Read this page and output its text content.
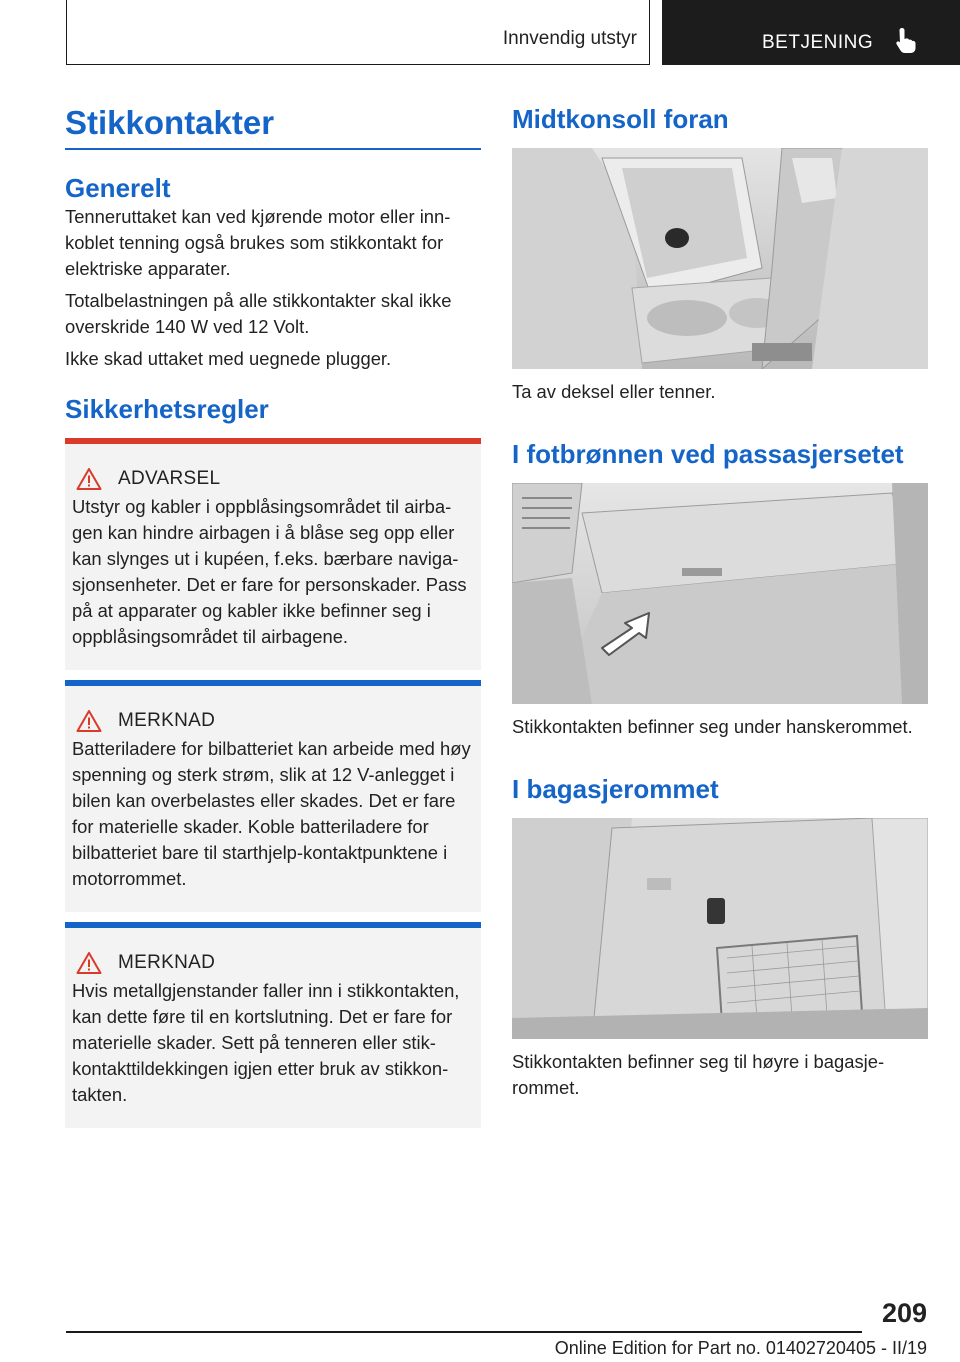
Innvendig utstyr	BETJENING
Stikkontakter
Generelt

Tenneruttaket kan ved kjørende motor eller innkoblet tenning også brukes som stikkontakt for elektriske apparater.

Totalbelastningen på alle stikkontakter skal ikke overskride 140 W ved 12 Volt.

Ikke skad uttaket med uegnede plugger.

Sikkerhetsregler
ADVARSEL

Utstyr og kabler i oppblåsingsområdet til airbagen kan hindre airbagen i å blåse seg opp eller kan slynges ut i kupéen, f.eks. bærbare navigasjonsenheter. Det er fare for personskader. Pass på at apparater og kabler ikke befinner seg i oppblåsingsområdet til airbagene.

MERKNAD

Batteriladere for bilbatteriet kan arbeide med høy spenning og sterk strøm, slik at 12 V-anlegget i bilen kan overbelastes eller skades. Det er fare for materielle skader. Koble batteriladere for bilbatteriet bare til starthjelp-kontaktpunktene i motorrommet.

MERKNAD

Hvis metallgjenstander faller inn i stikkontakten, kan dette føre til en kortslutning. Det er fare for materielle skader. Sett på tenneren eller stikkontakttildekkingen igjen etter bruk av stikkontakten.

Midtkonsoll foran

Ta av deksel eller tenner.

I fotbrønnen ved passasjersetet

Stikkontakten befinner seg under hanskerommet.

I bagasjerommet

Stikkontakten befinner seg til høyre i bagasjerommet.

209
Online Edition for Part no. 01402720405 - II/19
